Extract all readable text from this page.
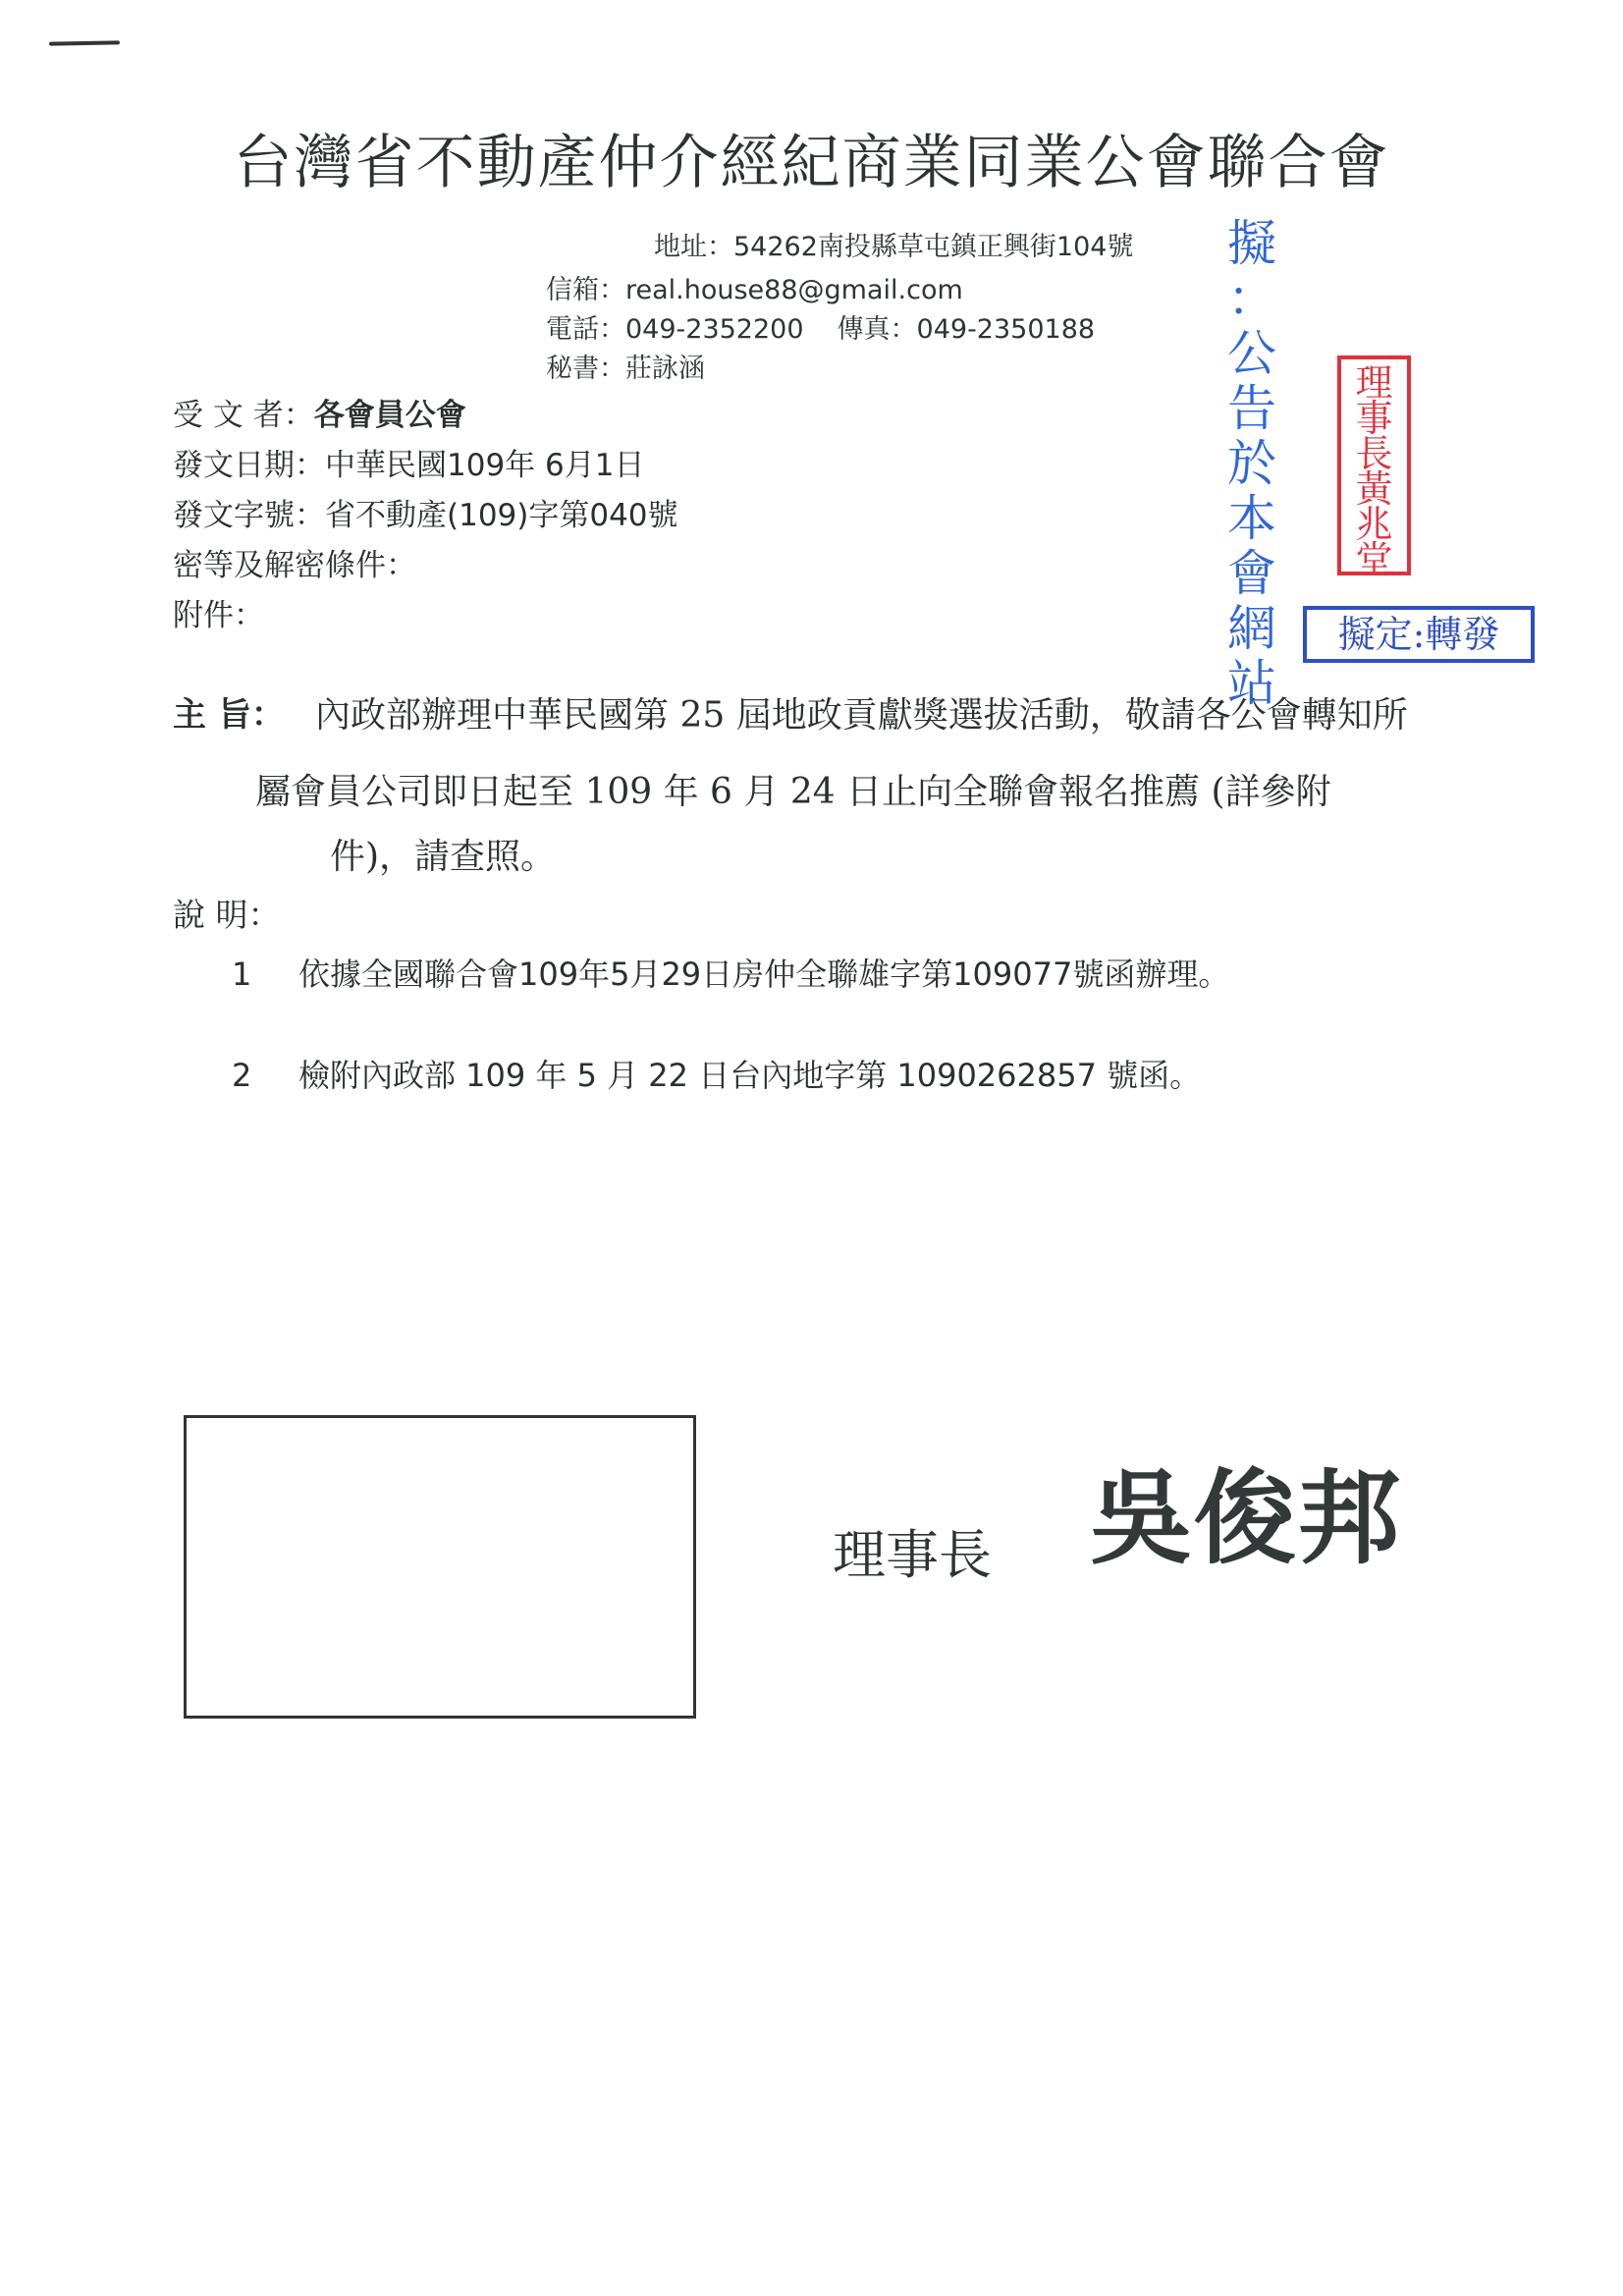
台灣省不動產仲介經紀商業同業公會聯合會
地址：54262南投縣草屯鎮正興街104號
信箱：real.house88@gmail.com
電話：049-2352200 傳真：049-2350188
秘書：莊詠涵
受 文 者：各會員公會
發文日期：中華民國109年 6月1日
發文字號：省不動產(109)字第040號
密等及解密條件：
附件：
主 旨： 內政部辦理中華民國第 25 屆地政貢獻獎選拔活動，敬請各公會轉知所
屬會員公司即日起至 109 年 6 月 24 日止向全聯會報名推薦 (詳參附
件)，請查照。
說 明：
1 依據全國聯合會109年5月29日房仲全聯雄字第109077號函辦理。
2 檢附內政部 109 年 5 月 22 日台內地字第 1090262857 號函。
理事長 吳俊邦
擬
：
公
告
於
本
會
網
站
理
事
長
黃
兆
堂
擬定:轉發
